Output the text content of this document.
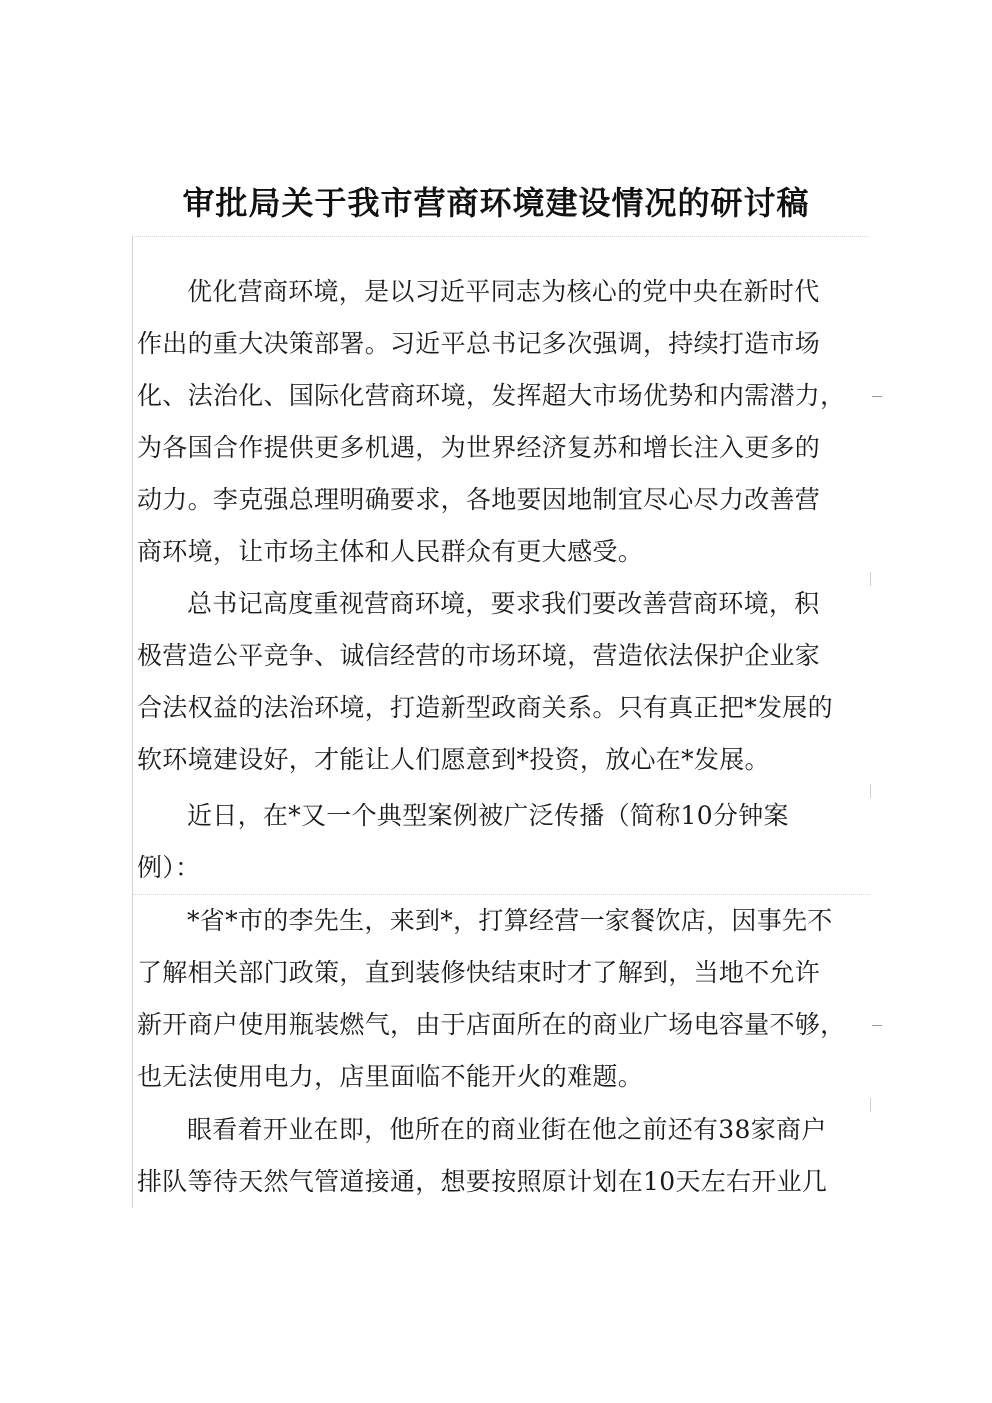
审批局关于我市营商环境建设情况的研讨稿
优化营商环境，是以习近平同志为核心的党中央在新时代
作出的重大决策部署。习近平总书记多次强调，持续打造市场
化、法治化、国际化营商环境，发挥超大市场优势和内需潜力，
为各国合作提供更多机遇，为世界经济复苏和增长注入更多的
动力。李克强总理明确要求，各地要因地制宜尽心尽力改善营
商环境，让市场主体和人民群众有更大感受。
总书记高度重视营商环境，要求我们要改善营商环境，积
极营造公平竞争、诚信经营的市场环境，营造依法保护企业家
合法权益的法治环境，打造新型政商关系。只有真正把*发展的
软环境建设好，才能让人们愿意到*投资，放心在*发展。
近日，在*又一个典型案例被广泛传播（简称10分钟案
例）：
*省*市的李先生，来到*，打算经营一家餐饮店，因事先不
了解相关部门政策，直到装修快结束时才了解到，当地不允许
新开商户使用瓶装燃气，由于店面所在的商业广场电容量不够，
也无法使用电力，店里面临不能开火的难题。
眼看着开业在即，他所在的商业街在他之前还有38家商户
排队等待天然气管道接通，想要按照原计划在10天左右开业几
